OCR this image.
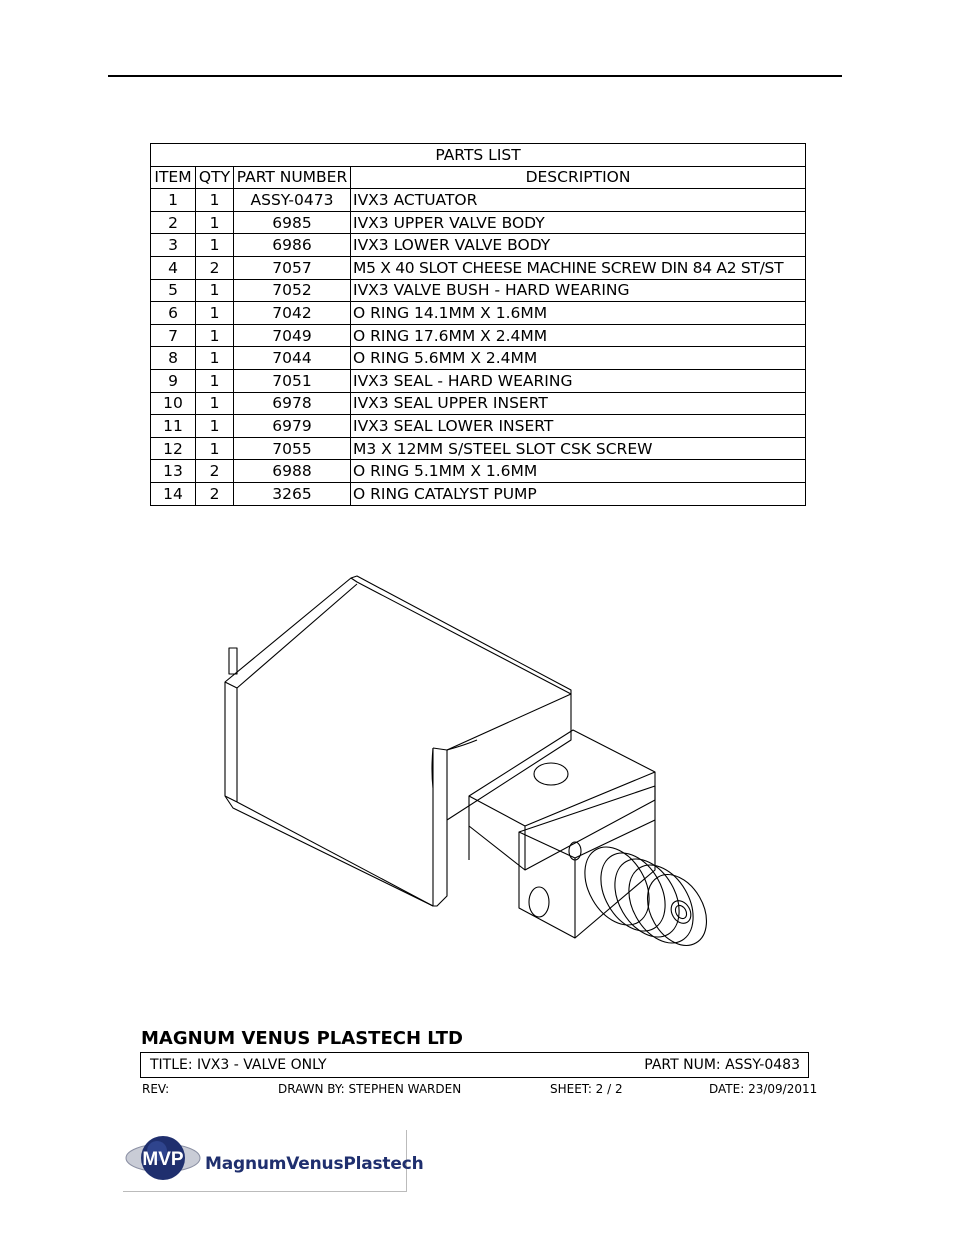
PARTS LIST			
ITEM	QTY	PART NUMBER	DESCRIPTION
1	1	ASSY-0473	IVX3 ACTUATOR
2	1	6985	IVX3 UPPER VALVE BODY
3	1	6986	IVX3 LOWER VALVE BODY
4	2	7057	M5 X 40 SLOT CHEESE MACHINE SCREW DIN 84 A2 ST/ST
5	1	7052	IVX3 VALVE BUSH - HARD WEARING
6	1	7042	O RING 14.1MM X 1.6MM
7	1	7049	O RING 17.6MM X 2.4MM
8	1	7044	O RING 5.6MM X 2.4MM
9	1	7051	IVX3 SEAL - HARD WEARING
10	1	6978	IVX3 SEAL UPPER INSERT
11	1	6979	IVX3 SEAL LOWER INSERT
12	1	7055	M3 X 12MM S/STEEL SLOT CSK SCREW
13	2	6988	O RING 5.1MM X 1.6MM
14	2	3265	O RING CATALYST PUMP
MAGNUM VENUS PLASTECH LTD
TITLE: IVX3 - VALVE ONLY	PART NUM: ASSY-0483
REV:	DRAWN BY: STEPHEN WARDEN	SHEET: 2 / 2	DATE: 23/09/2011
MVP MagnumVenusPlastech
